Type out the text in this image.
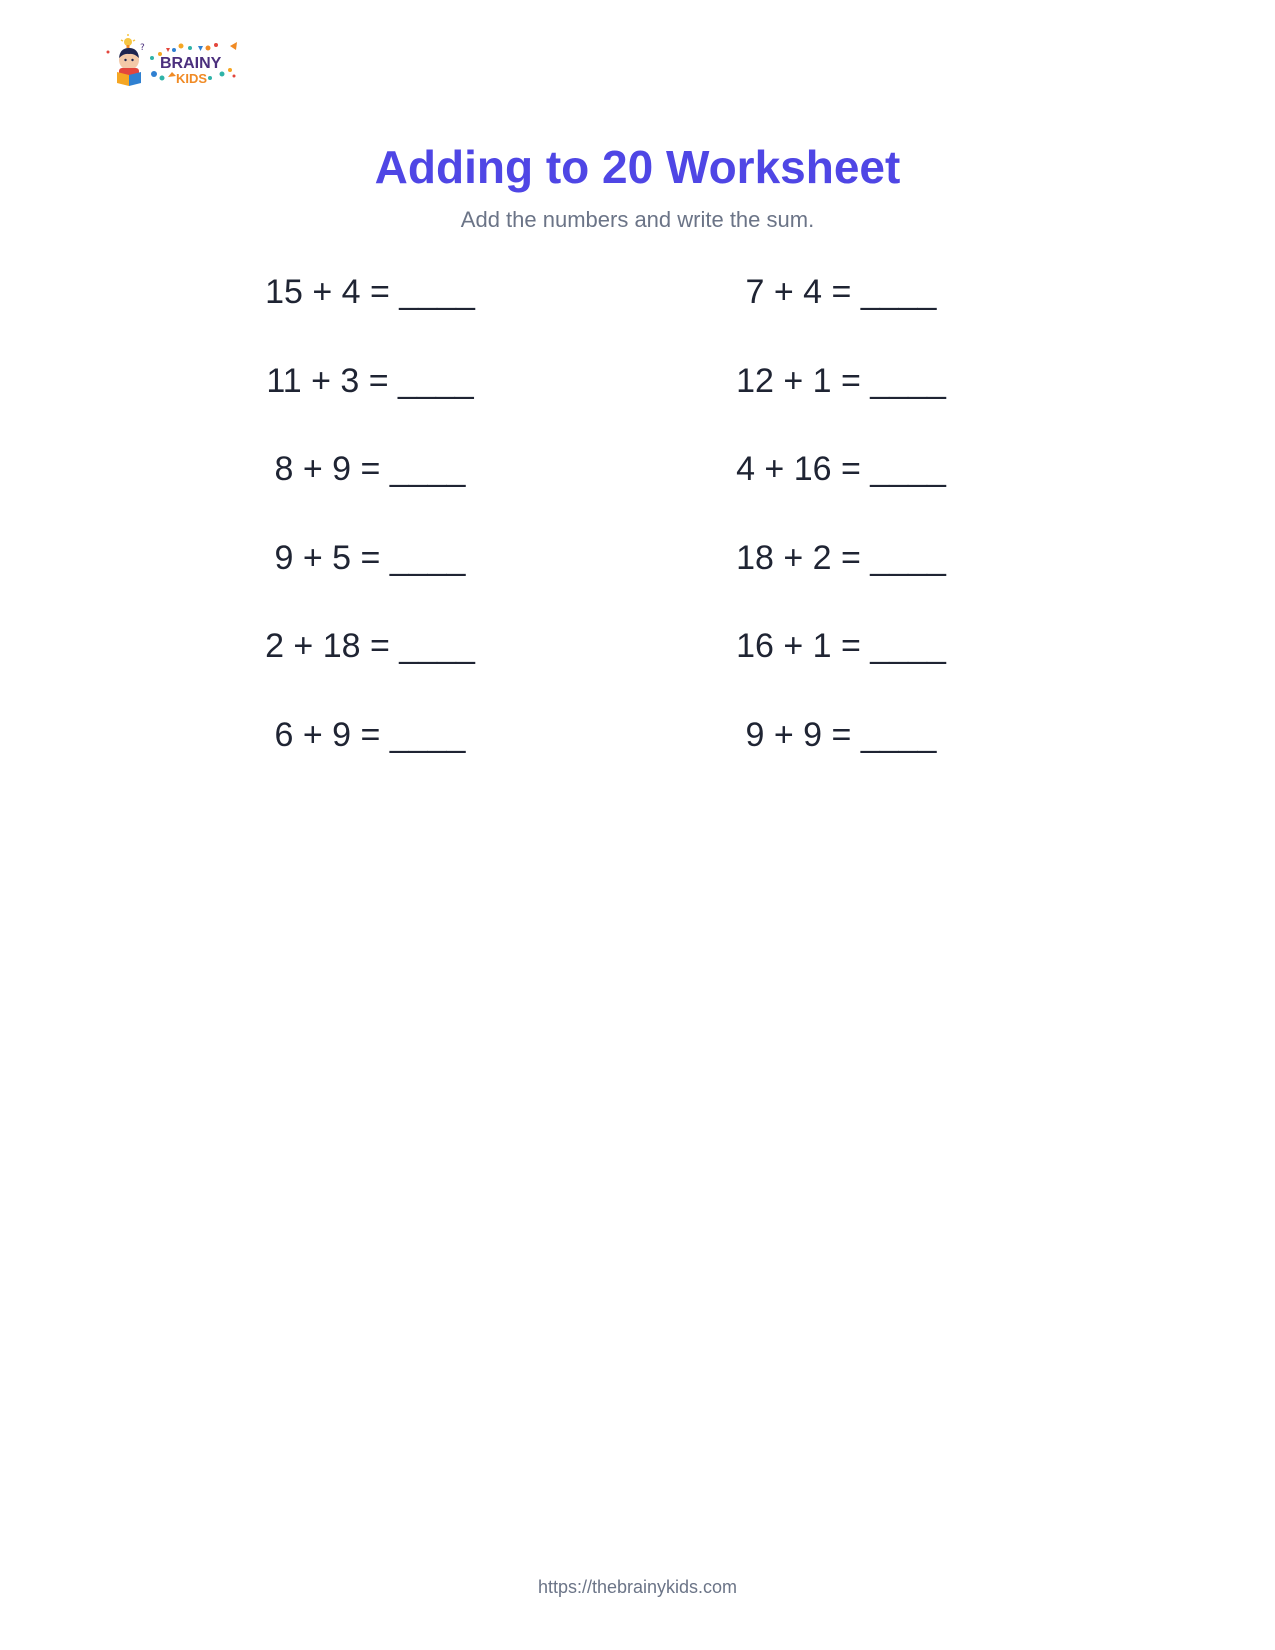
?
BRAINY
KIDS
Adding to 20 Worksheet
Add the numbers and write the sum.
15 + 4 = ____	7 + 4 = ____
11 + 3 = ____	12 + 1 = ____
8 + 9 = ____	4 + 16 = ____
9 + 5 = ____	18 + 2 = ____
2 + 18 = ____	16 + 1 = ____
6 + 9 = ____	9 + 9 = ____
https://thebrainykids.com
